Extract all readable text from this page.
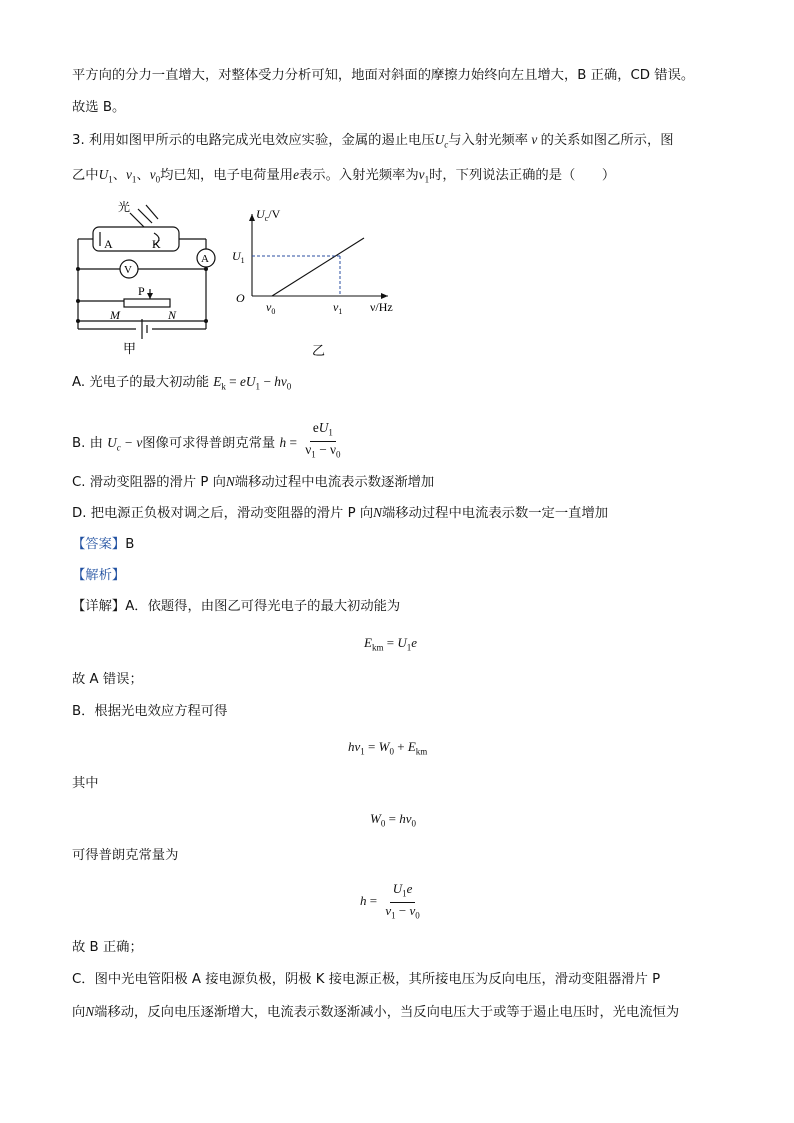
平方向的分力一直增大，对整体受力分析可知，地面对斜面的摩擦力始终向左且增大，B 正确，CD 错误。
故选 B。
3. 利用如图甲所示的电路完成光电效应实验，金属的遏止电压$U_c$与入射光频率 ν 的关系如图乙所示，图
乙中$U_1$、$\nu_1$、$\nu_0$均已知，电子电荷量用e表示。入射光频率为$\nu_1$时，下列说法正确的是（　　）
光
A	K
V
A
P
M	N
甲
$U_c/V$
$U_1$
O
$\nu_0$	$\nu_1$ ν/Hz
乙
A. 光电子的最大初动能 $E_k = eU_1 - h\nu_0$
B. 由 $U_c - \nu$图像可求得普朗克常量 $h = \frac{eU_1}{\nu_1 - \nu_0}$
C. 滑动变阻器的滑片 P 向N端移动过程中电流表示数逐渐增加
D. 把电源正负极对调之后，滑动变阻器的滑片 P 向N端移动过程中电流表示数一定一直增加
【答案】B
【解析】
【详解】A．依题得，由图乙可得光电子的最大初动能为
$E_{km} = U_1e$
故 A 错误；
B．根据光电效应方程可得
$h\nu_1 = W_0 + E_{km}$
其中
$W_0 = h\nu_0$
可得普朗克常量为
$h = \frac{U_1e}{\nu_1 - \nu_0}$
故 B 正确；
C．图中光电管阳极 A 接电源负极，阴极 K 接电源正极，其所接电压为反向电压，滑动变阻器滑片 P
向N端移动，反向电压逐渐增大，电流表示数逐渐减小，当反向电压大于或等于遏止电压时，光电流恒为
